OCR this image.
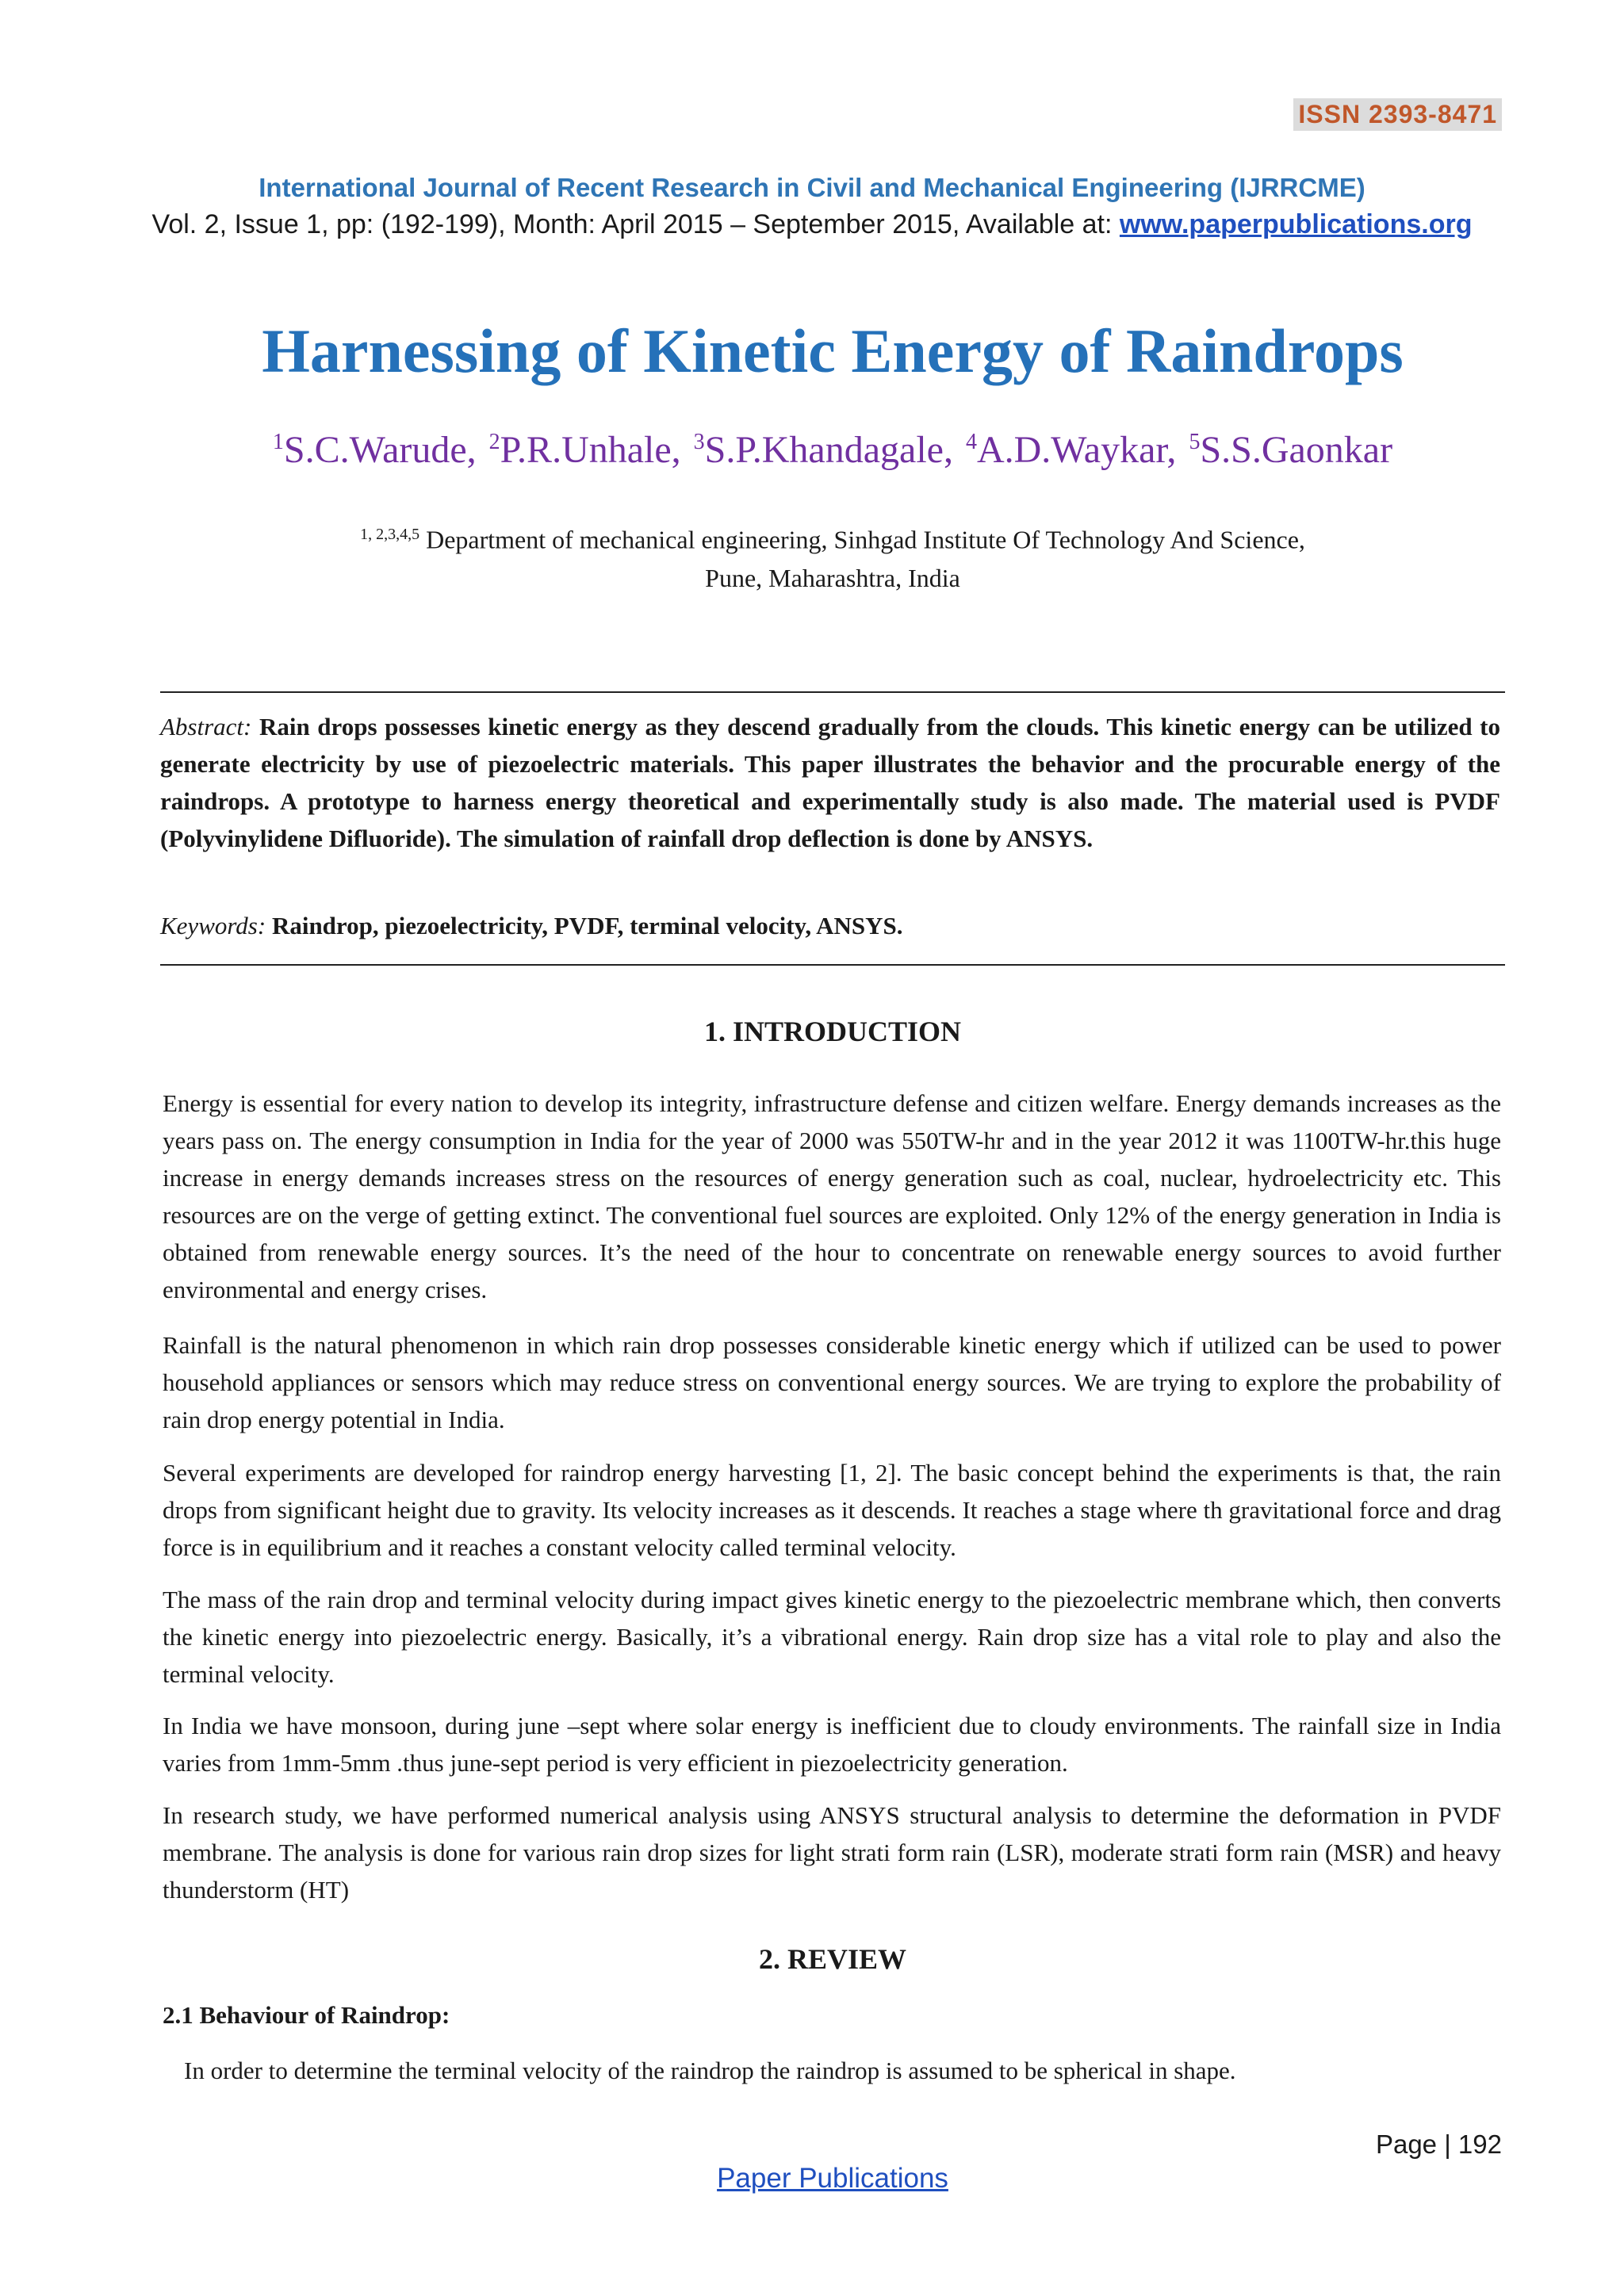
ISSN 2393-8471
International Journal of Recent Research in Civil and Mechanical Engineering (IJRRCME)
Vol. 2, Issue 1, pp: (192-199), Month: April 2015 – September 2015, Available at: www.paperpublications.org
Harnessing of Kinetic Energy of Raindrops
$^1$S.C.Warude, $^2$P.R.Unhale, $^3$S.P.Khandagale, $^4$A.D.Waykar, $^5$S.S.Gaonkar
$^{1, 2,3,4,5}$ Department of mechanical engineering, Sinhgad Institute Of Technology And Science,
Pune, Maharashtra, India
Abstract: Rain drops possesses kinetic energy as they descend gradually from the clouds. This kinetic energy can be utilized to generate electricity by use of piezoelectric materials. This paper illustrates the behavior and the procurable energy of the raindrops. A prototype to harness energy theoretical and experimentally study is also made. The material used is PVDF (Polyvinylidene Difluoride). The simulation of rainfall drop deflection is done by ANSYS.
Keywords: Raindrop, piezoelectricity, PVDF, terminal velocity, ANSYS.
1. INTRODUCTION
Energy is essential for every nation to develop its integrity, infrastructure defense and citizen welfare. Energy demands increases as the years pass on. The energy consumption in India for the year of 2000 was 550TW-hr and in the year 2012 it was 1100TW-hr.this huge increase in energy demands increases stress on the resources of energy generation such as coal, nuclear, hydroelectricity etc. This resources are on the verge of getting extinct. The conventional fuel sources are exploited. Only 12% of the energy generation in India is obtained from renewable energy sources. It’s the need of the hour to concentrate on renewable energy sources to avoid further environmental and energy crises.
Rainfall is the natural phenomenon in which rain drop possesses considerable kinetic energy which if utilized can be used to power household appliances or sensors which may reduce stress on conventional energy sources. We are trying to explore the probability of rain drop energy potential in India.
Several experiments are developed for raindrop energy harvesting [1, 2]. The basic concept behind the experiments is that, the rain drops from significant height due to gravity. Its velocity increases as it descends. It reaches a stage where th gravitational force and drag force is in equilibrium and it reaches a constant velocity called terminal velocity.
The mass of the rain drop and terminal velocity during impact gives kinetic energy to the piezoelectric membrane which, then converts the kinetic energy into piezoelectric energy. Basically, it’s a vibrational energy. Rain drop size has a vital role to play and also the terminal velocity.
In India we have monsoon, during june –sept where solar energy is inefficient due to cloudy environments. The rainfall size in India varies from 1mm-5mm .thus june-sept period is very efficient in piezoelectricity generation.
In research study, we have performed numerical analysis using ANSYS structural analysis to determine the deformation in PVDF membrane. The analysis is done for various rain drop sizes for light strati form rain (LSR), moderate strati form rain (MSR) and heavy thunderstorm (HT)
2. REVIEW
2.1 Behaviour of Raindrop:
In order to determine the terminal velocity of the raindrop the raindrop is assumed to be spherical in shape.
Page | 192
Paper Publications
